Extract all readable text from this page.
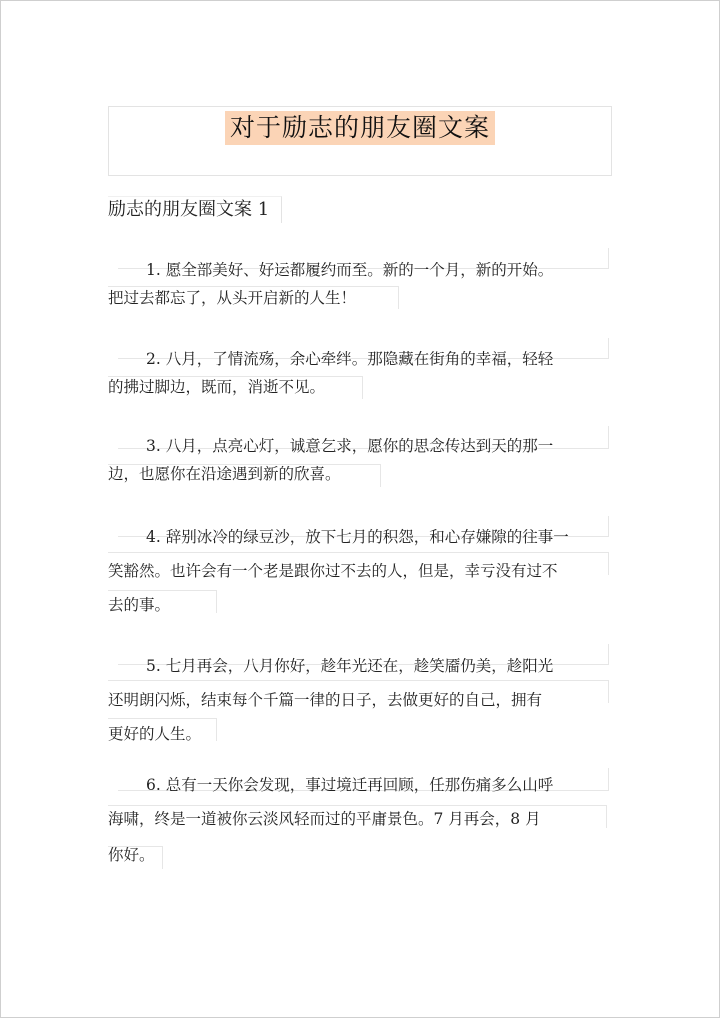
对于励志的朋友圈文案
励志的朋友圈文案 1
1. 愿全部美好、好运都履约而至。新的一个月，新的开始。
把过去都忘了，从头开启新的人生！
2. 八月，了情流殇，余心牵绊。那隐藏在街角的幸福，轻轻
的拂过脚边，既而，消逝不见。
3. 八月，点亮心灯，诚意乞求，愿你的思念传达到天的那一
边，也愿你在沿途遇到新的欣喜。
4. 辞别冰冷的绿豆沙，放下七月的积怨，和心存嫌隙的往事一
笑豁然。也许会有一个老是跟你过不去的人，但是，幸亏没有过不
去的事。
5. 七月再会，八月你好，趁年光还在，趁笑靥仍美，趁阳光
还明朗闪烁，结束每个千篇一律的日子，去做更好的自己，拥有
更好的人生。
6. 总有一天你会发现，事过境迁再回顾，任那伤痛多么山呼
海啸，终是一道被你云淡风轻而过的平庸景色。7 月再会，8 月
你好。
